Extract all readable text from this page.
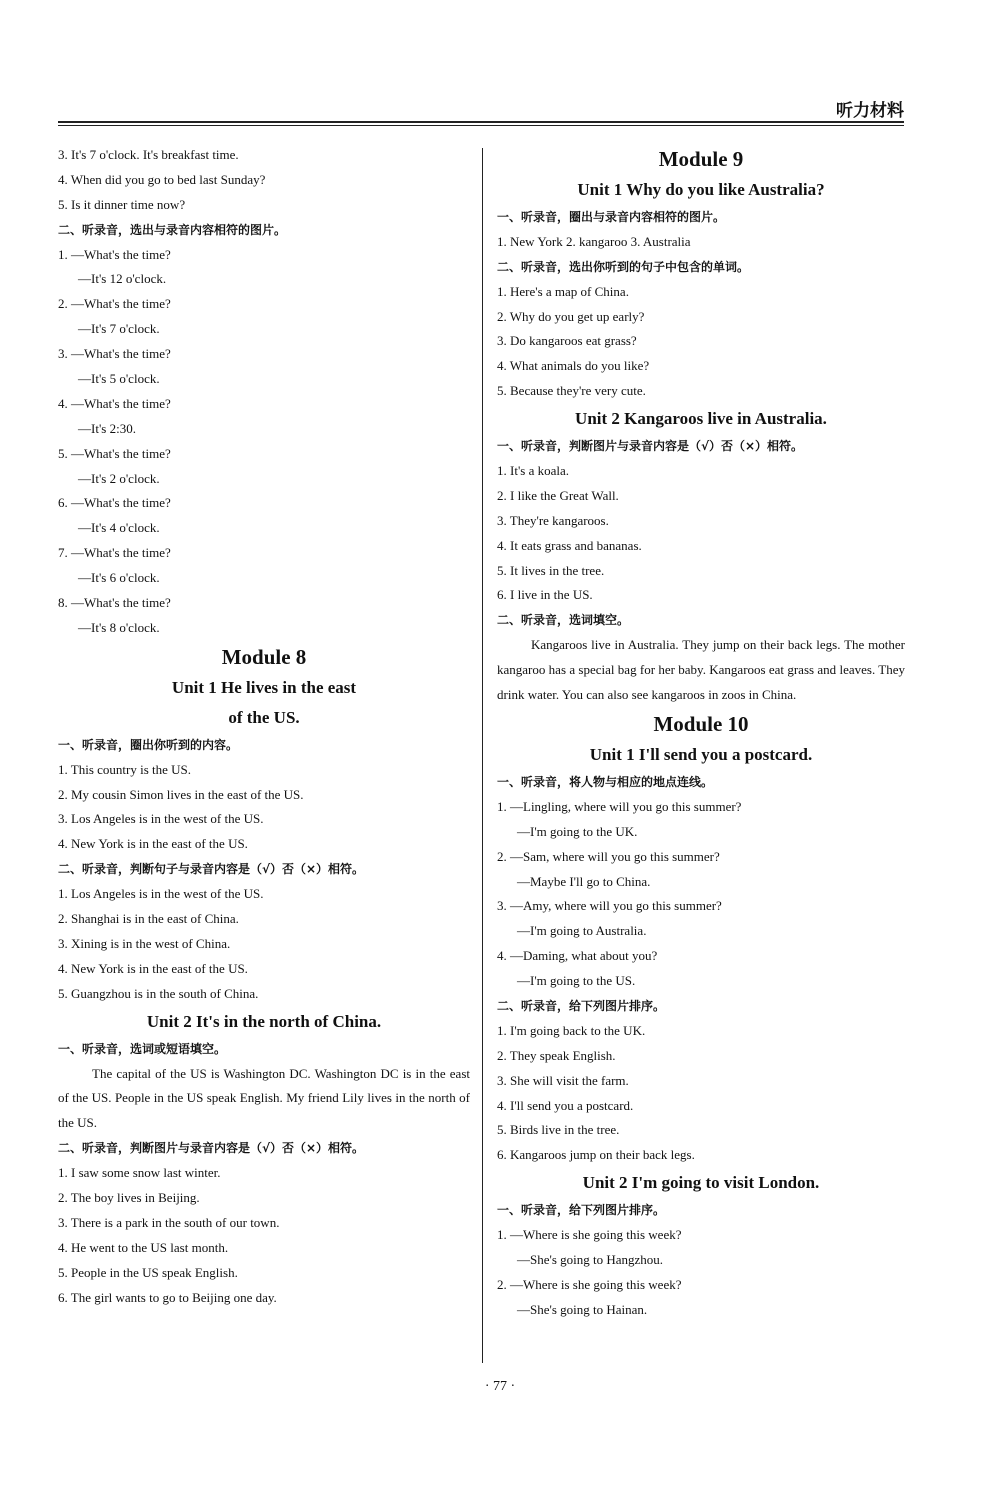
听力材料
3. It's 7 o'clock. It's breakfast time.
4. When did you go to bed last Sunday?
5. Is it dinner time now?
二、听录音，选出与录音内容相符的图片。
1. —What's the time?
—It's 12 o'clock.
2. —What's the time?
—It's 7 o'clock.
3. —What's the time?
—It's 5 o'clock.
4. —What's the time?
—It's 2:30.
5. —What's the time?
—It's 2 o'clock.
6. —What's the time?
—It's 4 o'clock.
7. —What's the time?
—It's 6 o'clock.
8. —What's the time?
—It's 8 o'clock.
Module 8
Unit 1 He lives in the east
of the US.
一、听录音，圈出你听到的内容。
1. This country is the US.
2. My cousin Simon lives in the east of the US.
3. Los Angeles is in the west of the US.
4. New York is in the east of the US.
二、听录音，判断句子与录音内容是（√）否（×）相符。
1. Los Angeles is in the west of the US.
2. Shanghai is in the east of China.
3. Xining is in the west of China.
4. New York is in the east of the US.
5. Guangzhou is in the south of China.
Unit 2 It's in the north of China.
一、听录音，选词或短语填空。
The capital of the US is Washington DC. Washington DC is in the east of the US. People in the US speak English. My friend Lily lives in the north of the US.
二、听录音，判断图片与录音内容是（√）否（×）相符。
1. I saw some snow last winter.
2. The boy lives in Beijing.
3. There is a park in the south of our town.
4. He went to the US last month.
5. People in the US speak English.
6. The girl wants to go to Beijing one day.
Module 9
Unit 1 Why do you like Australia?
一、听录音，圈出与录音内容相符的图片。
1. New York 2. kangaroo 3. Australia
二、听录音，选出你听到的句子中包含的单词。
1. Here's a map of China.
2. Why do you get up early?
3. Do kangaroos eat grass?
4. What animals do you like?
5. Because they're very cute.
Unit 2 Kangaroos live in Australia.
一、听录音，判断图片与录音内容是（√）否（×）相符。
1. It's a koala.
2. I like the Great Wall.
3. They're kangaroos.
4. It eats grass and bananas.
5. It lives in the tree.
6. I live in the US.
二、听录音，选词填空。
Kangaroos live in Australia. They jump on their back legs. The mother kangaroo has a special bag for her baby. Kangaroos eat grass and leaves. They drink water. You can also see kangaroos in zoos in China.
Module 10
Unit 1 I'll send you a postcard.
一、听录音，将人物与相应的地点连线。
1. —Lingling, where will you go this summer?
—I'm going to the UK.
2. —Sam, where will you go this summer?
—Maybe I'll go to China.
3. —Amy, where will you go this summer?
—I'm going to Australia.
4. —Daming, what about you?
—I'm going to the US.
二、听录音，给下列图片排序。
1. I'm going back to the UK.
2. They speak English.
3. She will visit the farm.
4. I'll send you a postcard.
5. Birds live in the tree.
6. Kangaroos jump on their back legs.
Unit 2 I'm going to visit London.
一、听录音，给下列图片排序。
1. —Where is she going this week?
—She's going to Hangzhou.
2. —Where is she going this week?
—She's going to Hainan.
· 77 ·
